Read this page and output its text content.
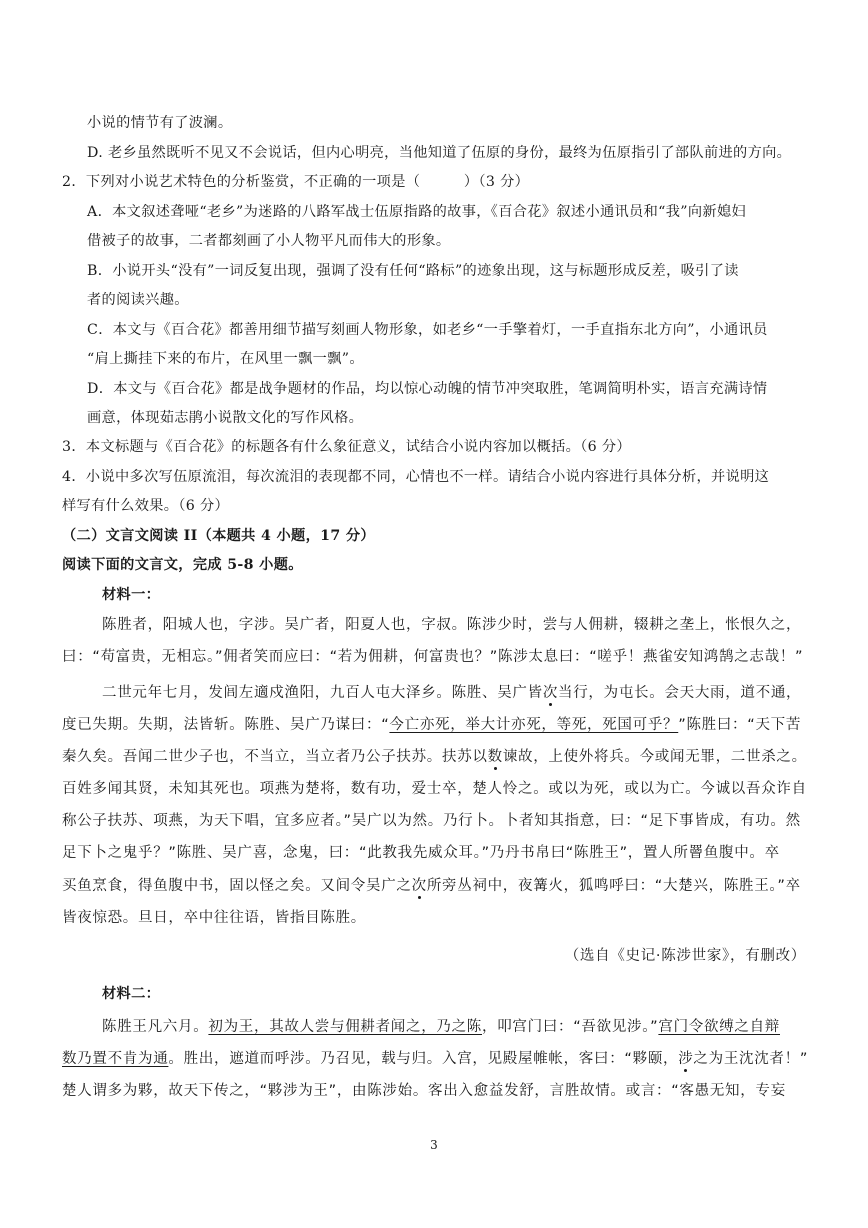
小说的情节有了波澜。
D. 老乡虽然既听不见又不会说话，但内心明亮，当他知道了伍原的身份，最终为伍原指引了部队前进的方向。
2．下列对小说艺术特色的分析鉴赏，不正确的一项是（　　　）（3 分）
A．本文叙述聋哑“老乡”为迷路的八路军战士伍原指路的故事，《百合花》叙述小通讯员和“我”向新媳妇
借被子的故事，二者都刻画了小人物平凡而伟大的形象。
B．小说开头“没有”一词反复出现，强调了没有任何“路标”的迹象出现，这与标题形成反差，吸引了读
者的阅读兴趣。
C．本文与《百合花》都善用细节描写刻画人物形象，如老乡“一手擎着灯，一手直指东北方向”，小通讯员
“肩上撕挂下来的布片，在风里一飘一飘”。
D．本文与《百合花》都是战争题材的作品，均以惊心动魄的情节冲突取胜，笔调简明朴实，语言充满诗情
画意，体现茹志鹃小说散文化的写作风格。
3．本文标题与《百合花》的标题各有什么象征意义，试结合小说内容加以概括。（6 分）
4．小说中多次写伍原流泪，每次流泪的表现都不同，心情也不一样。请结合小说内容进行具体分析，并说明这
样写有什么效果。（6 分）
（二）文言文阅读 II（本题共 4 小题，17 分）
阅读下面的文言文，完成 5-8 小题。
材料一：
陈胜者，阳城人也，字涉。吴广者，阳夏人也，字叔。陈涉少时，尝与人佣耕，辍耕之垄上，怅恨久之，
曰：“苟富贵，无相忘。”佣者笑而应曰：“若为佣耕，何富贵也？”陈涉太息曰：“嗟乎！燕雀安知鸿鹄之志哉！”
二世元年七月，发闾左適戍渔阳，九百人屯大泽乡。陈胜、吴广皆次当行，为屯长。会天大雨，道不通，
度已失期。失期，法皆斩。陈胜、吴广乃谋曰：“今亡亦死，举大计亦死，等死，死国可乎？”陈胜曰：“天下苦
秦久矣。吾闻二世少子也，不当立，当立者乃公子扶苏。扶苏以数谏故，上使外将兵。今或闻无罪，二世杀之。
百姓多闻其贤，未知其死也。项燕为楚将，数有功，爱士卒，楚人怜之。或以为死，或以为亡。今诚以吾众诈自
称公子扶苏、项燕，为天下唱，宜多应者。”吴广以为然。乃行卜。卜者知其指意，曰：“足下事皆成，有功。然
足下卜之鬼乎？”陈胜、吴广喜，念鬼，曰：“此教我先威众耳。”乃丹书帛曰“陈胜王”，置人所罾鱼腹中。卒
买鱼烹食，得鱼腹中书，固以怪之矣。又间令吴广之次所旁丛祠中，夜篝火，狐鸣呼曰：“大楚兴，陈胜王。”卒
皆夜惊恐。旦日，卒中往往语，皆指目陈胜。
（选自《史记·陈涉世家》，有删改）
材料二：
陈胜王凡六月。初为王，其故人尝与佣耕者闻之，乃之陈，叩宫门曰：“吾欲见涉。”宫门令欲缚之自辩
数乃置不肯为通。胜出，遮道而呼涉。乃召见，载与归。入宫，见殿屋帷帐，客曰：“夥颐，涉之为王沈沈者！”
楚人谓多为夥，故天下传之，“夥涉为王”，由陈涉始。客出入愈益发舒，言胜故情。或言：“客愚无知，专妄
3
